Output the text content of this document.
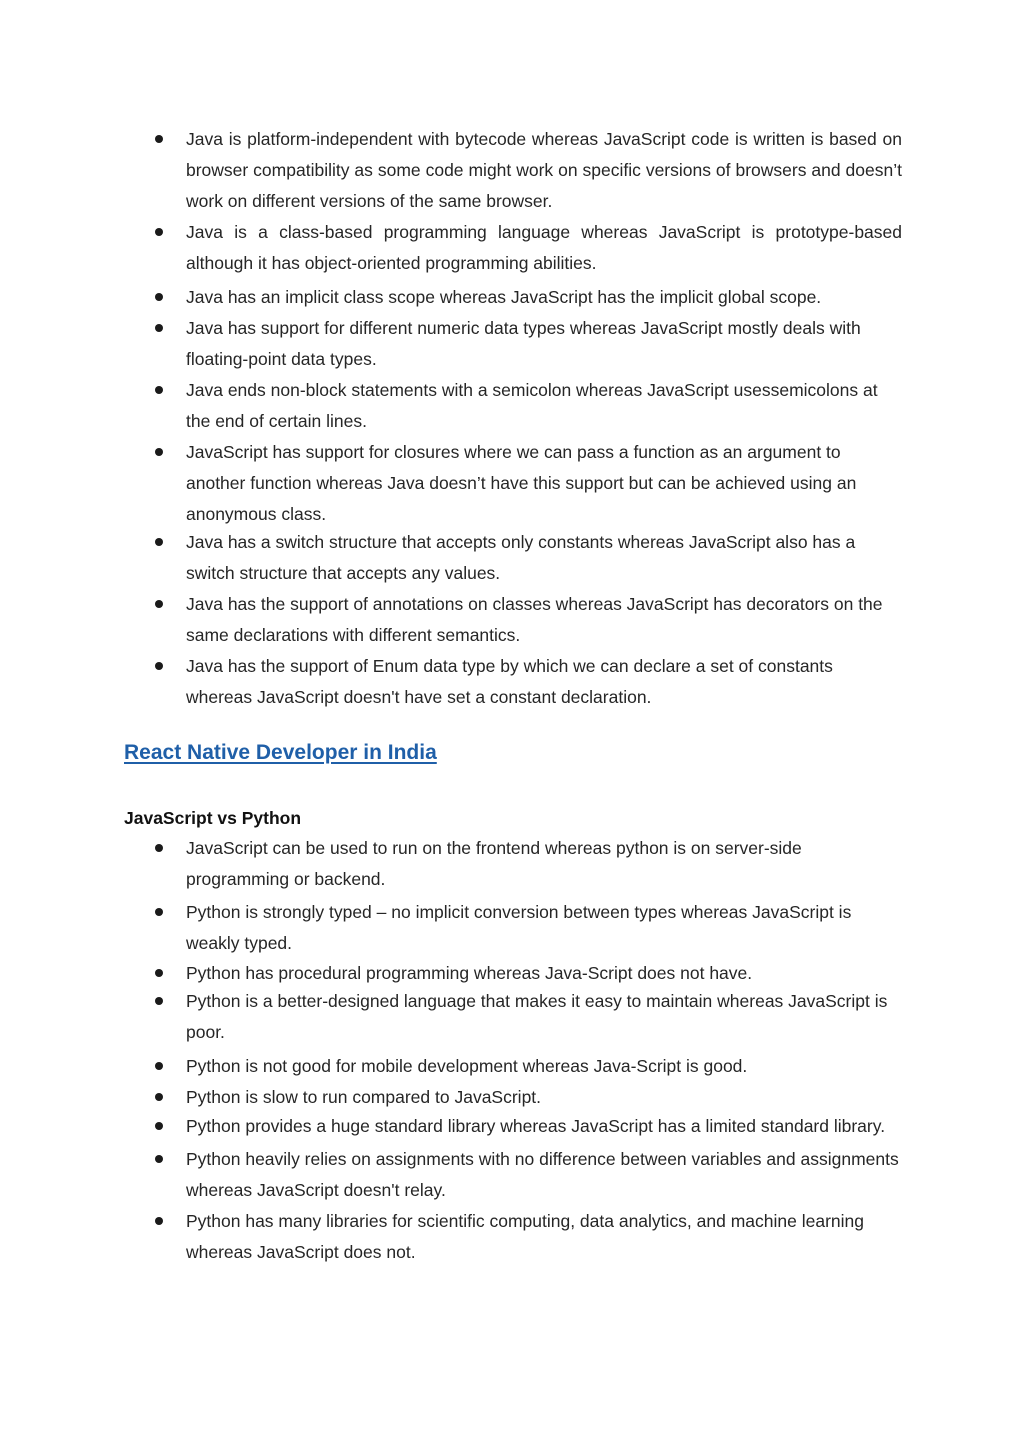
Java is platform-independent with bytecode whereas JavaScript code is written is based on browser compatibility as some code might work on specific versions of browsers and doesn’t work on different versions of the same browser.
Java is a class-based programming language whereas JavaScript is prototype-based although it has object-oriented programming abilities.
Java has an implicit class scope whereas JavaScript has the implicit global scope.
Java has support for different numeric data types whereas JavaScript mostly deals with floating-point data types.
Java ends non-block statements with a semicolon whereas JavaScript usessemicolons at the end of certain lines.
JavaScript has support for closures where we can pass a function as an argument to another function whereas Java doesn’t have this support but can be achieved using an anonymous class.
Java has a switch structure that accepts only constants whereas JavaScript also has a switch structure that accepts any values.
Java has the support of annotations on classes whereas JavaScript has decorators on the same declarations with different semantics.
Java has the support of Enum data type by which we can declare a set of constants whereas JavaScript doesn't have set a constant declaration.
React Native Developer in India
JavaScript vs Python
JavaScript can be used to run on the frontend whereas python is on server-side programming or backend.
Python is strongly typed – no implicit conversion between types whereas JavaScript is weakly typed.
Python has procedural programming whereas Java-Script does not have.
Python is a better-designed language that makes it easy to maintain whereas JavaScript is poor.
Python is not good for mobile development whereas Java-Script is good.
Python is slow to run compared to JavaScript.
Python provides a huge standard library whereas JavaScript has a limited standard library.
Python heavily relies on assignments with no difference between variables and assignments whereas JavaScript doesn't relay.
Python has many libraries for scientific computing, data analytics, and machine learning whereas JavaScript does not.
